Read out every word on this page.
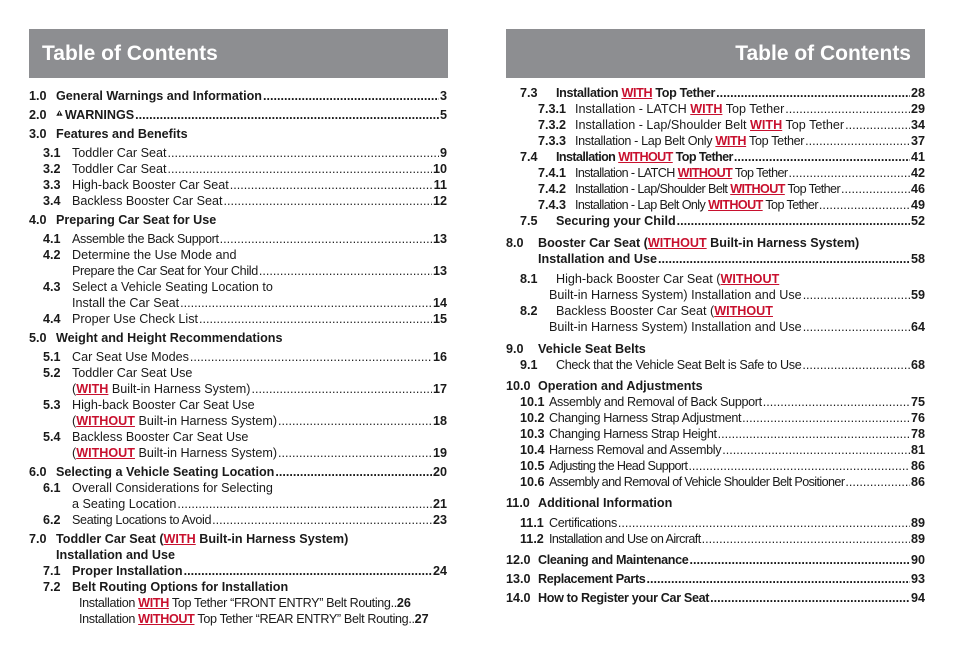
Table of Contents
1.0 General Warnings and Information .....	3
2.0	WARNINGS .....	5
3.0 Features and Benefits
3.1 Toddler Car Seat .....	9
3.2 Toddler Car Seat .....	10
3.3 High-back Booster Car Seat .....	11
3.4 Backless Booster Car Seat .....	12
4.0 Preparing Car Seat for Use
4.1 Assemble the Back Support .....	13
4.2 Determine the Use Mode and
Prepare the Car Seat for Your Child .....	13
4.3 Select a Vehicle Seating Location to
Install the Car Seat .....	14
4.4 Proper Use Check List .....	15
5.0 Weight and Height Recommendations
5.1 Car Seat Use Modes .....	16
5.2 Toddler Car Seat Use
(WITH Built-in Harness System) .....	17
5.3 High-back Booster Car Seat Use
(WITHOUT Built-in Harness System) .....	18
5.4 Backless Booster Car Seat Use
(WITHOUT Built-in Harness System) .....	19
6.0 Selecting a Vehicle Seating Location .....	20
6.1 Overall Considerations for Selecting
a Seating Location .....	21
6.2 Seating Locations to Avoid .....	23
7.0 Toddler Car Seat (WITH Built-in Harness System)
Installation and Use
7.1 Proper Installation .....	24
7.2 Belt Routing Options for Installation
Installation WITH Top Tether “FRONT ENTRY” Belt Routing.. 26
Installation WITHOUT Top Tether “REAR ENTRY” Belt Routing.. 27
Table of Contents
7.3	Installation WITH Top Tether .....	28
7.3.1 Installation - LATCH WITH Top Tether .....	29
7.3.2 Installation - Lap/Shoulder Belt WITH Top Tether .....	34
7.3.3 Installation - Lap Belt Only WITH Top Tether .....	37
7.4	Installation WITHOUT Top Tether .....	41
7.4.1 Installation - LATCH WITHOUT Top Tether .....	42
7.4.2 Installation - Lap/Shoulder Belt WITHOUT Top Tether .....	46
7.4.3 Installation - Lap Belt Only WITHOUT Top Tether .....	49
7.5	Securing your Child .....	52
8.0	Booster Car Seat (WITHOUT Built-in Harness System)
Installation and Use .....	58
8.1	High-back Booster Car Seat (WITHOUT
Built-in Harness System) Installation and Use .....	59
8.2	Backless Booster Car Seat (WITHOUT
Built-in Harness System) Installation and Use .....	64
9.0	Vehicle Seat Belts
9.1	Check that the Vehicle Seat Belt is Safe to Use .....	68
10.0 Operation and Adjustments
10.1 Assembly and Removal of Back Support .....	75
10.2 Changing Harness Strap Adjustment .....	76
10.3 Changing Harness Strap Height .....	78
10.4 Harness Removal and Assembly .....	81
10.5 Adjusting the Head Support .....	86
10.6 Assembly and Removal of Vehicle Shoulder Belt Positioner .....	86
11.0 Additional Information
11.1 Certifications .....	89
11.2 Installation and Use on Aircraft .....	89
12.0 Cleaning and Maintenance .....	90
13.0 Replacement Parts .....	93
14.0 How to Register your Car Seat .....	94
